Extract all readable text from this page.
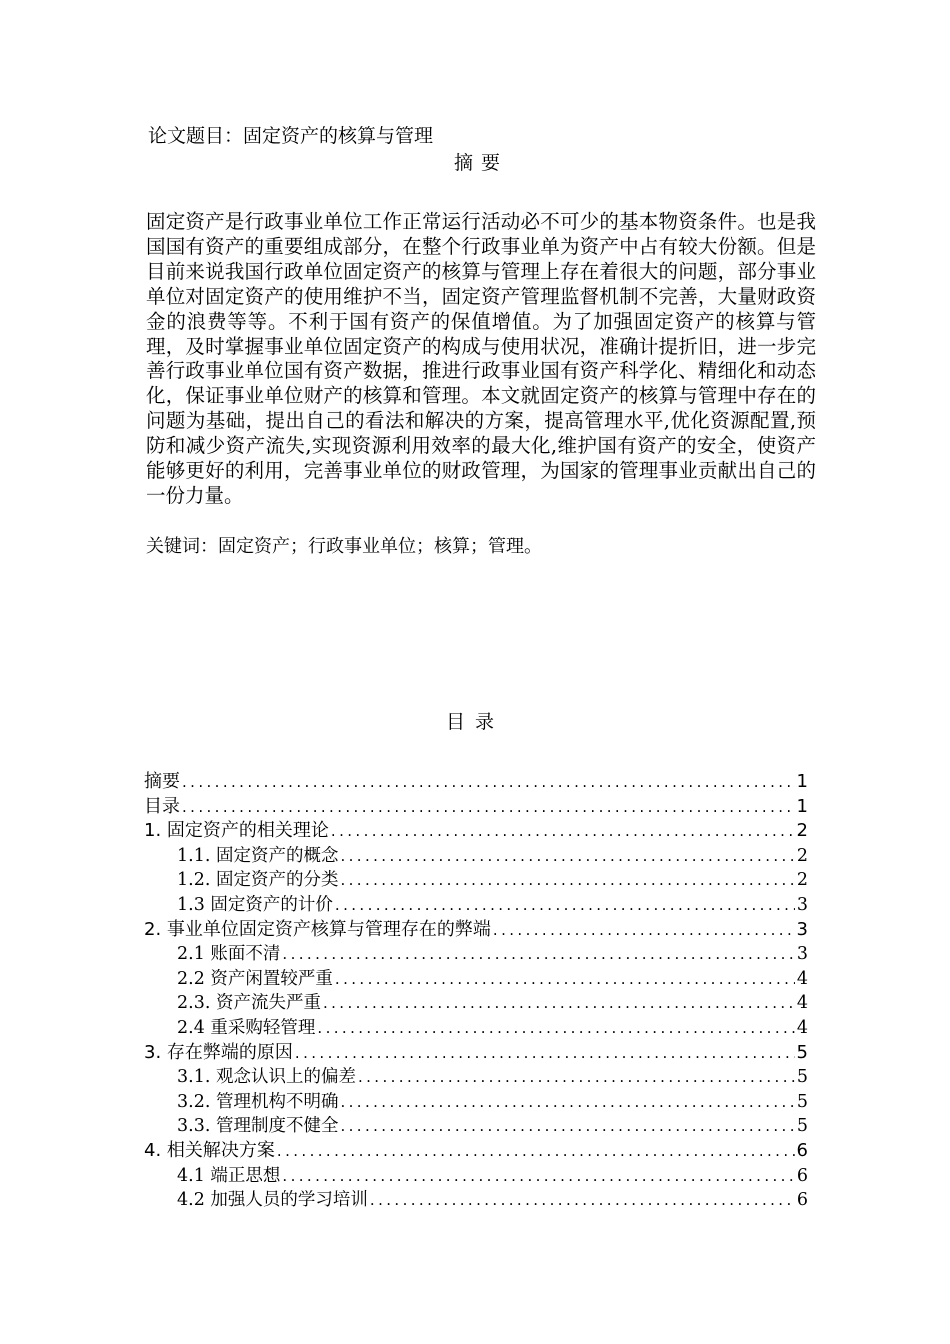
论文题目：固定资产的核算与管理
摘要

固定资产是行政事业单位工作正常运行活动必不可少的基本物资条件。也是我国国有资产的重要组成部分，在整个行政事业单为资产中占有较大份额。但是目前来说我国行政单位固定资产的核算与管理上存在着很大的问题，部分事业单位对固定资产的使用维护不当，固定资产管理监督机制不完善，大量财政资金的浪费等等。不利于国有资产的保值增值。为了加强固定资产的核算与管理，及时掌握事业单位固定资产的构成与使用状况，准确计提折旧，进一步完善行政事业单位国有资产数据，推进行政事业国有资产科学化、精细化和动态化，保证事业单位财产的核算和管理。本文就固定资产的核算与管理中存在的问题为基础，提出自己的看法和解决的方案，提高管理水平,优化资源配置,预防和减少资产流失,实现资源利用效率的最大化,维护国有资产的安全，使资产能够更好的利用，完善事业单位的财政管理，为国家的管理事业贡献出自己的一份力量。

关键词：固定资产；行政事业单位；核算；管理。
目录
摘要 .....	1
目录 .....	1
1. 固定资产的相关理论 .....	2
1.1. 固定资产的概念 .....	2
1.2. 固定资产的分类 .....	2
1.3 固定资产的计价 .....	3
2. 事业单位固定资产核算与管理存在的弊端 .....	3
2.1 账面不清 .....	3
2.2 资产闲置较严重 .....	4
2.3. 资产流失严重 .....	4
2.4 重采购轻管理 .....	4
3. 存在弊端的原因 .....	5
3.1. 观念认识上的偏差 .....	5
3.2. 管理机构不明确 .....	5
3.3. 管理制度不健全 .....	5
4. 相关解决方案 .....	6
4.1 端正思想 .....	6
4.2 加强人员的学习培训 .....	6
